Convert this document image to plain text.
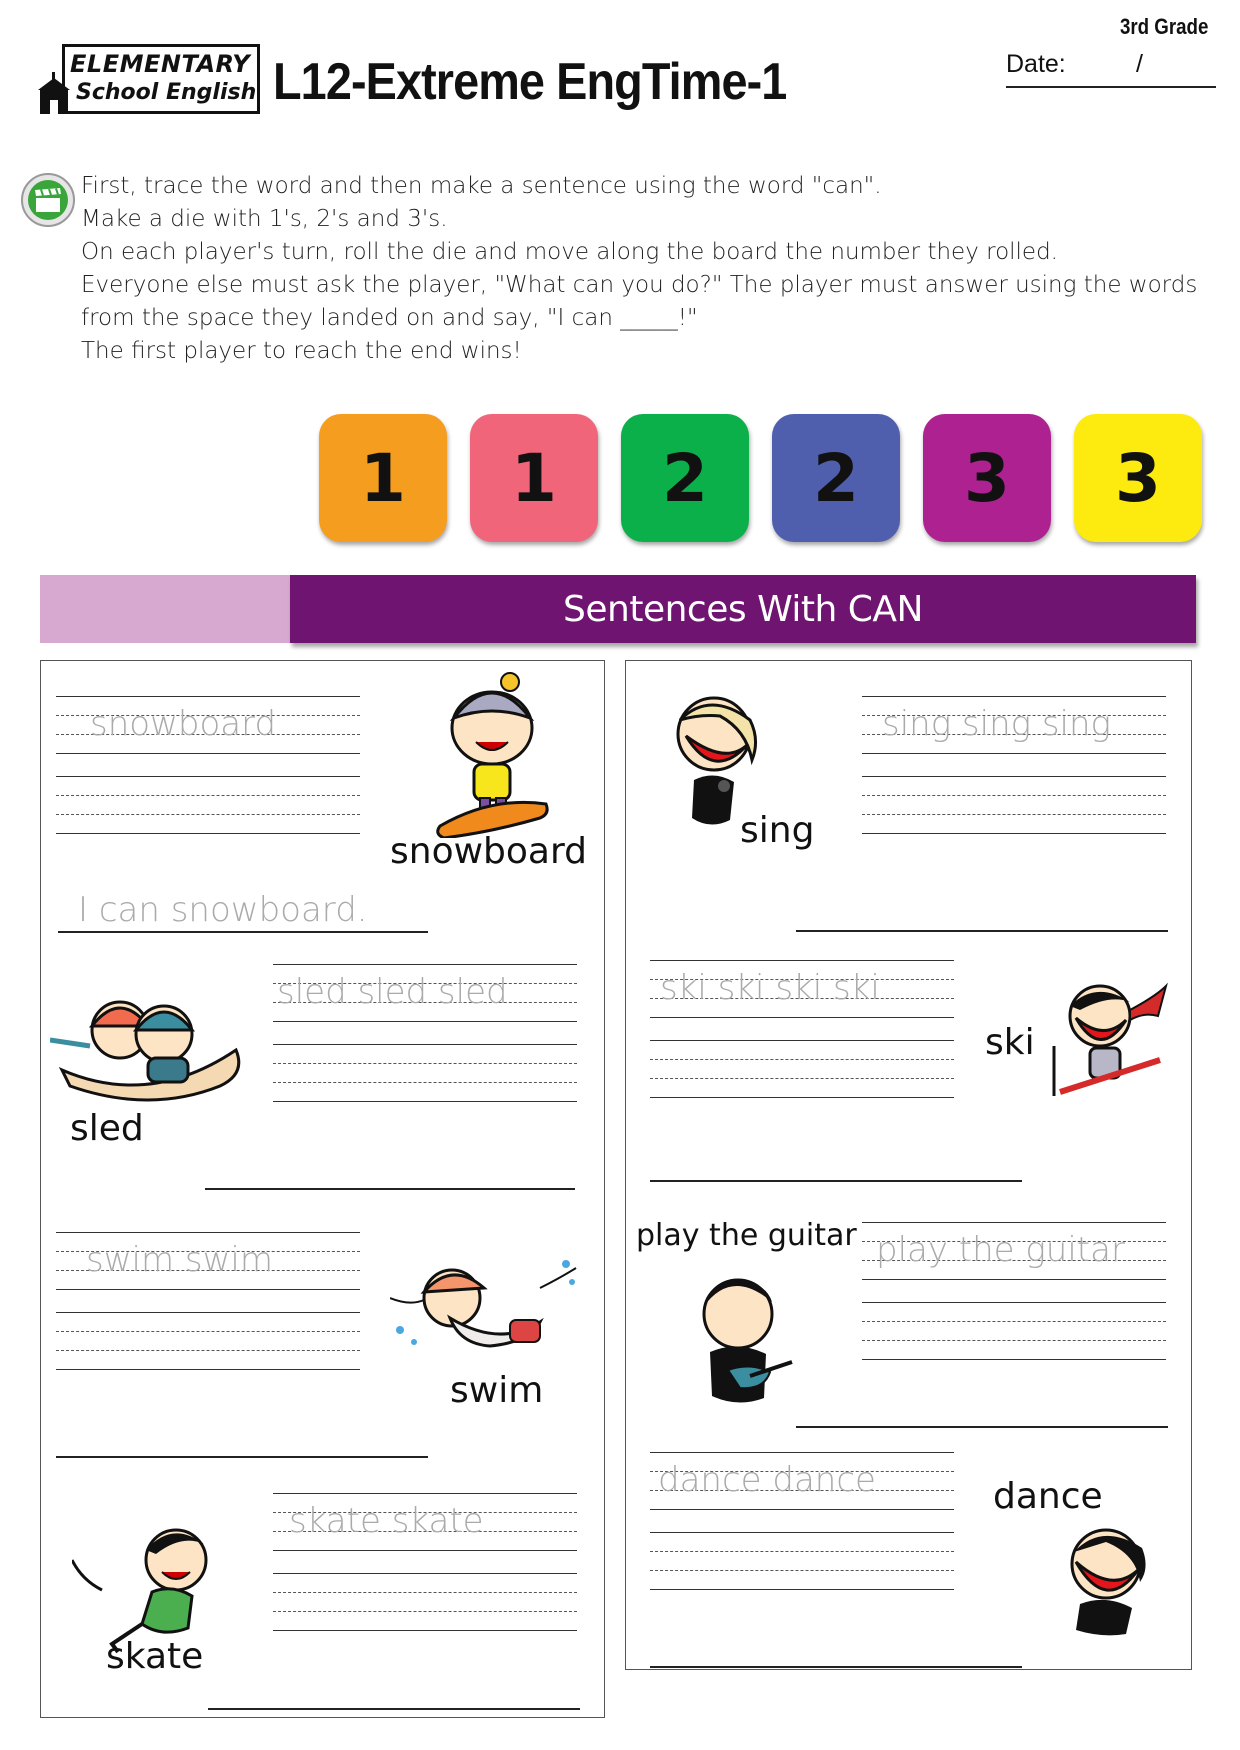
ELEMENTARY
School English L12-Extreme EngTime-1
3rd Grade
Date:	/
First, trace the word and then make a sentence using the word "can".
Make a die with 1's, 2's and 3's.
On each player's turn, roll the die and move along the board the number they rolled.
Everyone else must ask the player, "What can you do?" The player must answer using the words
from the space they landed on and say, "I can _____!"
The first player to reach the end wins!
1	1	2	2	3	3
Sentences With CAN
snowboard
snowboard
I can snowboard.
sled sled sled
sled
swim swim
swim
skate skate
skate
sing sing sing
sing
ski ski ski ski
ski
play the guitar play the guitar
dance dance	dance
